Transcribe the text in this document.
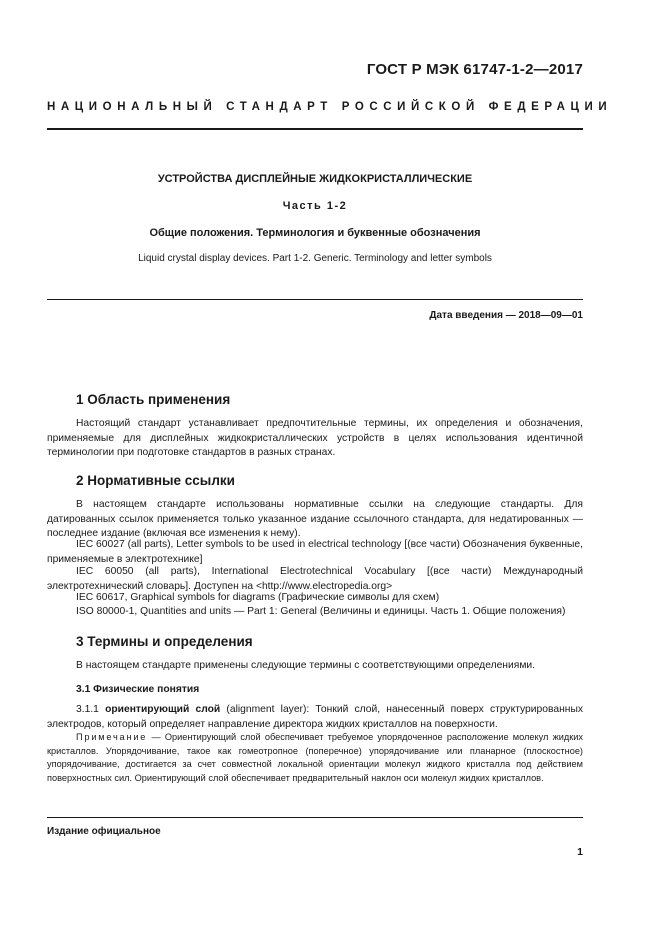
ГОСТ Р МЭК 61747-1-2—2017
НАЦИОНАЛЬНЫЙ СТАНДАРТ РОССИЙСКОЙ ФЕДЕРАЦИИ
УСТРОЙСТВА ДИСПЛЕЙНЫЕ ЖИДКОКРИСТАЛЛИЧЕСКИЕ
Часть 1-2
Общие положения. Терминология и буквенные обозначения
Liquid crystal display devices. Part 1-2. Generic. Terminology and letter symbols
Дата введения — 2018—09—01
1 Область применения

Настоящий стандарт устанавливает предпочтительные термины, их определения и обозначения, применяемые для дисплейных жидкокристаллических устройств в целях использования идентичной терминологии при подготовке стандартов в разных странах.

2 Нормативные ссылки

В настоящем стандарте использованы нормативные ссылки на следующие стандарты. Для датированных ссылок применяется только указанное издание ссылочного стандарта, для недатированных — последнее издание (включая все изменения к нему).

IEC 60027 (all parts), Letter symbols to be used in electrical technology [(все части) Обозначения буквенные, применяемые в электротехнике]

IEC 60050 (all parts), International Electrotechnical Vocabulary [(все части) Международный электротехнический словарь]. Доступен на <http://www.electropedia.org>

IEC 60617, Graphical symbols for diagrams (Графические символы для схем)

ISO 80000-1, Quantities and units — Part 1: General (Величины и единицы. Часть 1. Общие положения)

3 Термины и определения

В настоящем стандарте применены следующие термины с соответствующими определениями.

3.1 Физические понятия

3.1.1 ориентирующий слой (alignment layer): Тонкий слой, нанесенный поверх структурированных электродов, который определяет направление директора жидких кристаллов на поверхности.

Примечание — Ориентирующий слой обеспечивает требуемое упорядоченное расположение молекул жидких кристаллов. Упорядочивание, такое как гомеотропное (поперечное) упорядочивание или планарное (плоскостное) упорядочивание, достигается за счет совместной локальной ориентации молекул жидкого кристалла под действием поверхностных сил. Ориентирующий слой обеспечивает предварительный наклон оси молекул жидких кристаллов.

Издание официальное
1
